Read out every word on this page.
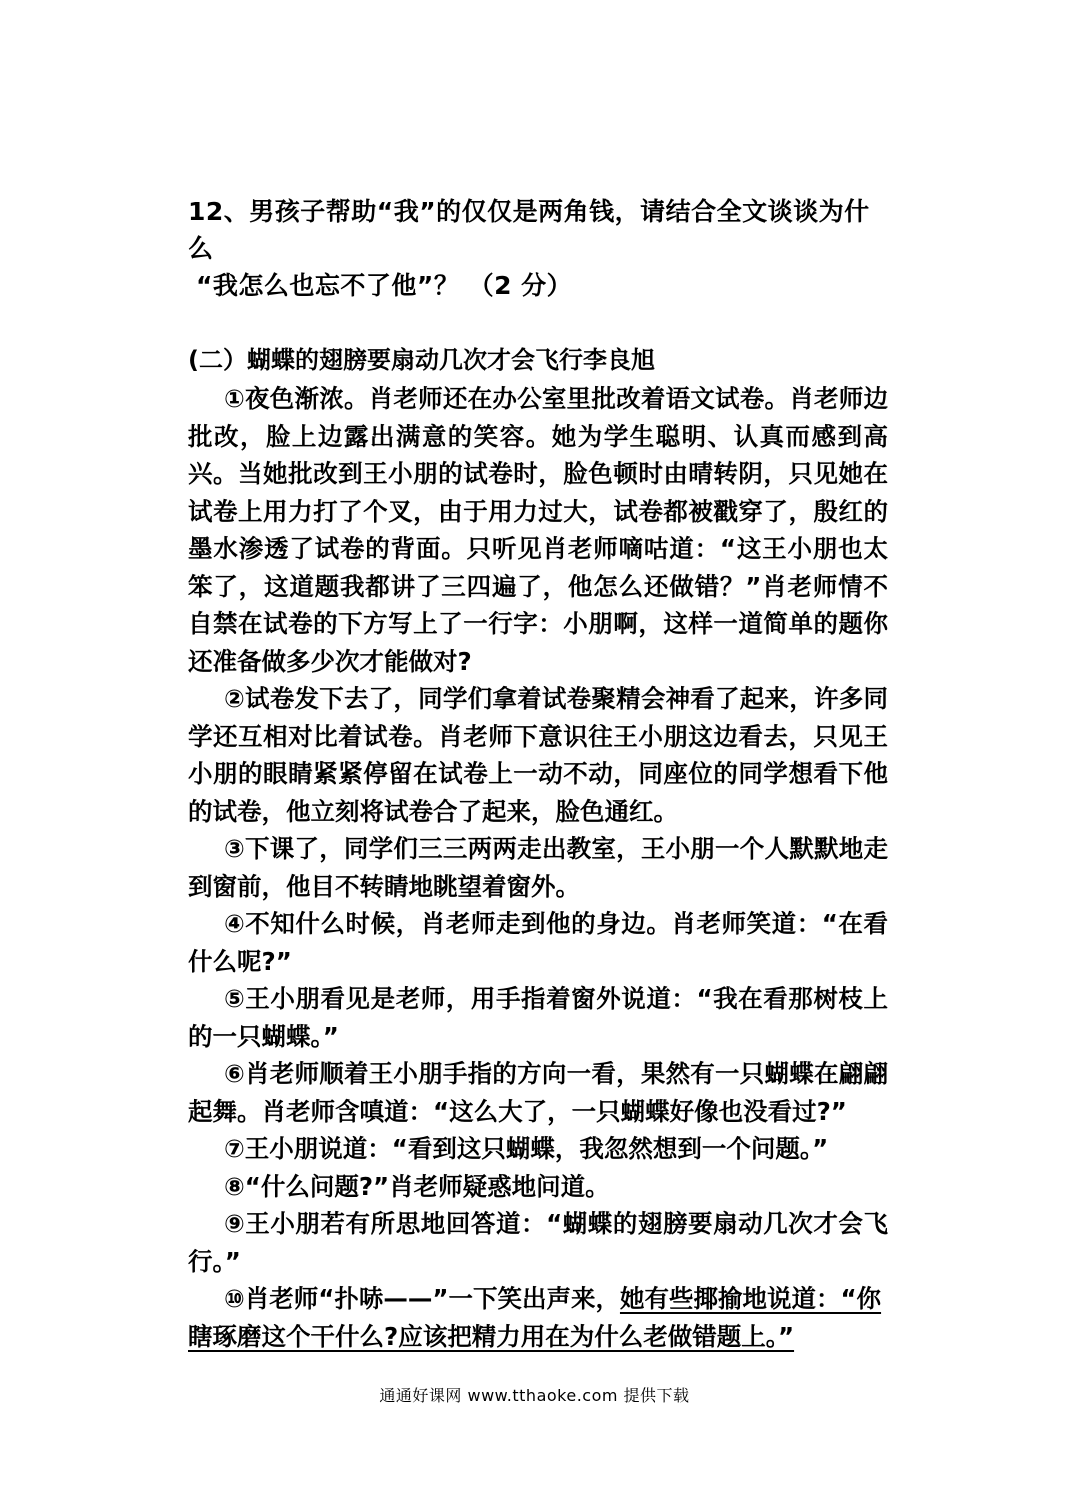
12、男孩子帮助“我”的仅仅是两角钱，请结合全文谈谈为什么
“我怎么也忘不了他”？ （2 分）
(二）蝴蝶的翅膀要扇动几次才会飞行李良旭

①夜色渐浓。肖老师还在办公室里批改着语文试卷。肖老师边批改，脸上边露出满意的笑容。她为学生聪明、认真而感到高兴。当她批改到王小朋的试卷时，脸色顿时由晴转阴，只见她在试卷上用力打了个叉，由于用力过大，试卷都被戳穿了，殷红的墨水渗透了试卷的背面。只听见肖老师嘀咕道：“这王小朋也太笨了，这道题我都讲了三四遍了，他怎么还做错？”肖老师情不自禁在试卷的下方写上了一行字：小朋啊，这样一道简单的题你还准备做多少次才能做对?

②试卷发下去了，同学们拿着试卷聚精会神看了起来，许多同学还互相对比着试卷。肖老师下意识往王小朋这边看去，只见王小朋的眼睛紧紧停留在试卷上一动不动，同座位的同学想看下他的试卷，他立刻将试卷合了起来，脸色通红。

③下课了，同学们三三两两走出教室，王小朋一个人默默地走到窗前，他目不转睛地眺望着窗外。

④不知什么时候，肖老师走到他的身边。肖老师笑道：“在看什么呢?”

⑤王小朋看见是老师，用手指着窗外说道：“我在看那树枝上的一只蝴蝶。”

⑥肖老师顺着王小朋手指的方向一看，果然有一只蝴蝶在翩翩起舞。肖老师含嗔道：“这么大了，一只蝴蝶好像也没看过?”

⑦王小朋说道：“看到这只蝴蝶，我忽然想到一个问题。”

⑧“什么问题?”肖老师疑惑地问道。

⑨王小朋若有所思地回答道：“蝴蝶的翅膀要扇动几次才会飞行。”

⑩肖老师“扑哧——”一下笑出声来，她有些揶揄地说道：“你瞎琢磨这个干什么?应该把精力用在为什么老做错题上。”

通通好课网 www.tthaoke.com 提供下载
